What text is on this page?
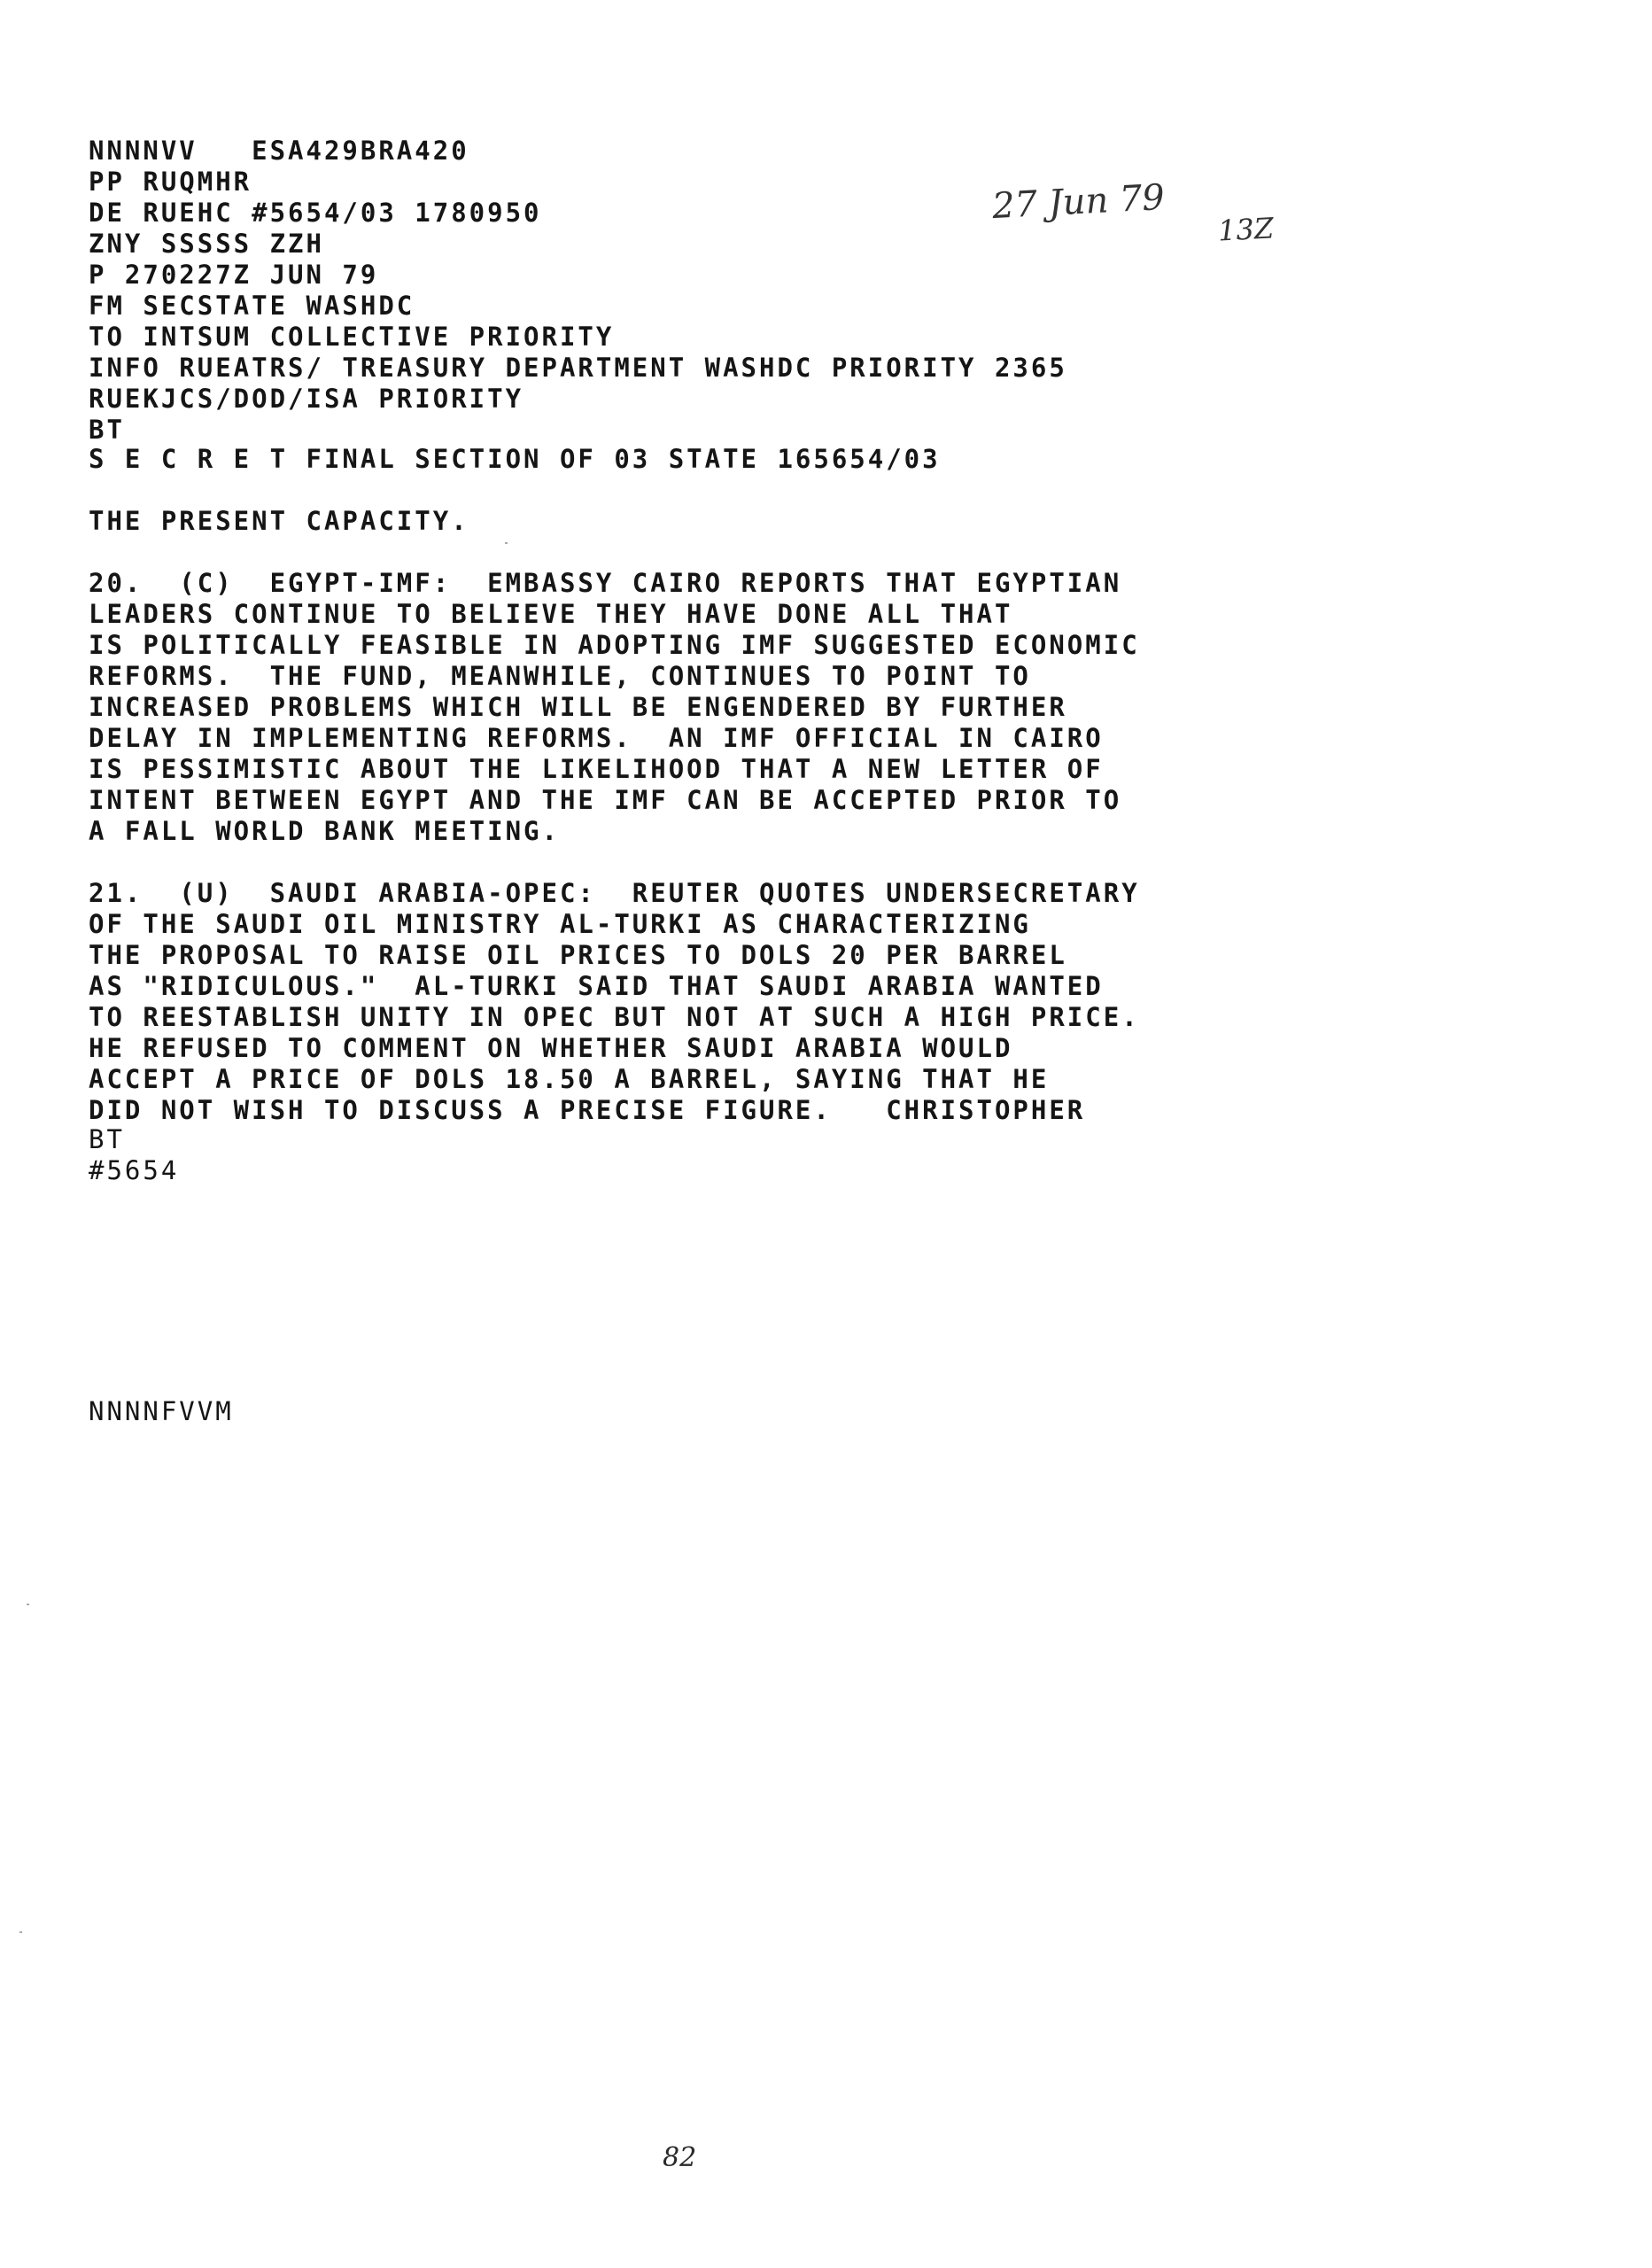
NNNNVV   ESA429BRA420
PP RUQMHR
DE RUEHC #5654/03 1780950
ZNY SSSSS ZZH
P 270227Z JUN 79
FM SECSTATE WASHDC
TO INTSUM COLLECTIVE PRIORITY
INFO RUEATRS/ TREASURY DEPARTMENT WASHDC PRIORITY 2365
RUEKJCS/DOD/ISA PRIORITY
BT
S E C R E T FINAL SECTION OF 03 STATE 165654/03
27 Jun 79
13Z
THE PRESENT CAPACITY.
20.  (C)  EGYPT-IMF:  EMBASSY CAIRO REPORTS THAT EGYPTIAN
LEADERS CONTINUE TO BELIEVE THEY HAVE DONE ALL THAT
IS POLITICALLY FEASIBLE IN ADOPTING IMF SUGGESTED ECONOMIC
REFORMS.  THE FUND, MEANWHILE, CONTINUES TO POINT TO
INCREASED PROBLEMS WHICH WILL BE ENGENDERED BY FURTHER
DELAY IN IMPLEMENTING REFORMS.  AN IMF OFFICIAL IN CAIRO
IS PESSIMISTIC ABOUT THE LIKELIHOOD THAT A NEW LETTER OF
INTENT BETWEEN EGYPT AND THE IMF CAN BE ACCEPTED PRIOR TO
A FALL WORLD BANK MEETING.
21.  (U)  SAUDI ARABIA-OPEC:  REUTER QUOTES UNDERSECRETARY
OF THE SAUDI OIL MINISTRY AL-TURKI AS CHARACTERIZING
THE PROPOSAL TO RAISE OIL PRICES TO DOLS 20 PER BARREL
AS "RIDICULOUS."  AL-TURKI SAID THAT SAUDI ARABIA WANTED
TO REESTABLISH UNITY IN OPEC BUT NOT AT SUCH A HIGH PRICE.
HE REFUSED TO COMMENT ON WHETHER SAUDI ARABIA WOULD
ACCEPT A PRICE OF DOLS 18.50 A BARREL, SAYING THAT HE
DID NOT WISH TO DISCUSS A PRECISE FIGURE.   CHRISTOPHER
BT
#5654
NNNNFVVM
82
